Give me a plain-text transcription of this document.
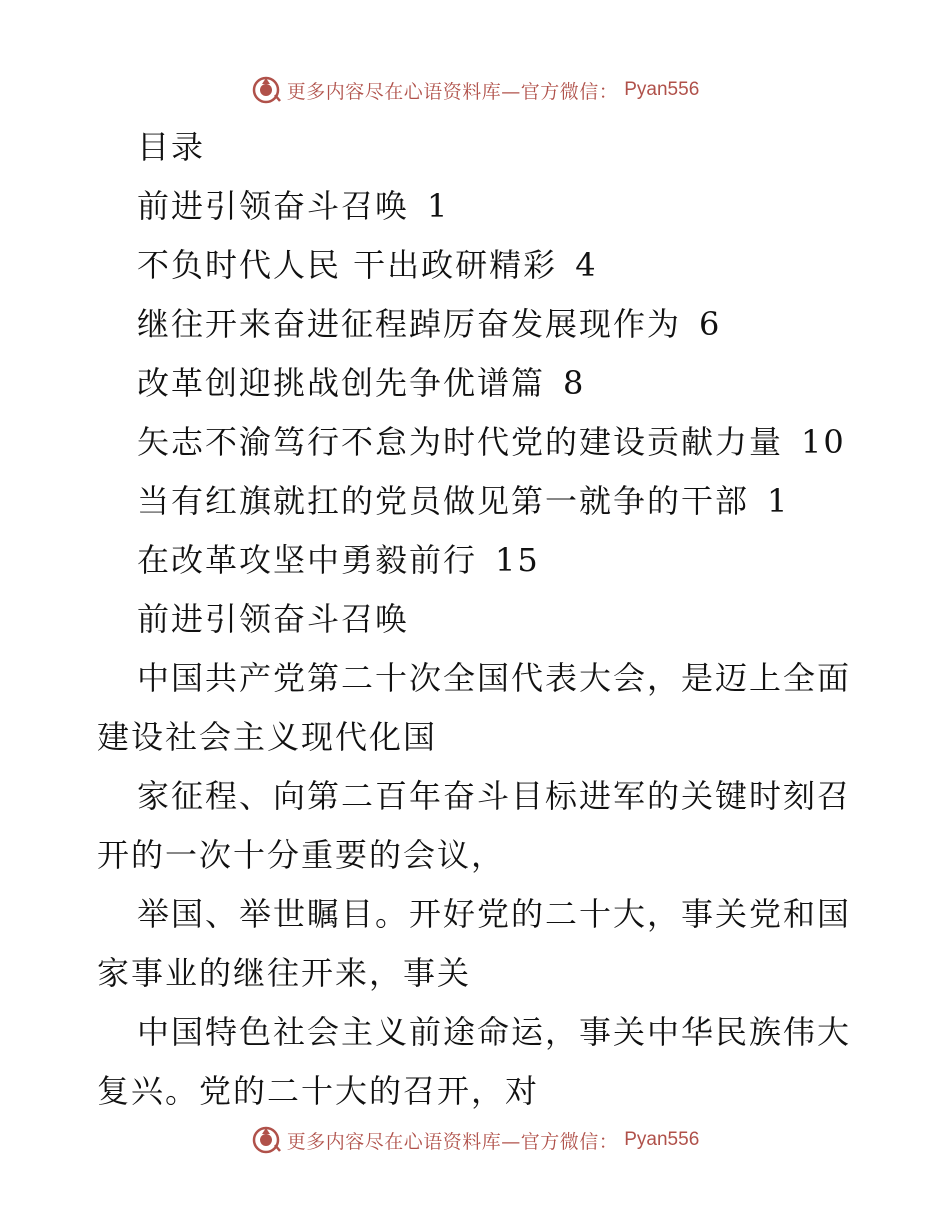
更多内容尽在心语资料库—官方微信： Pyan556
目录
前进引领奋斗召唤 1
不负时代人民 干出政研精彩 4
继往开来奋进征程踔厉奋发展现作为 6
改革创迎挑战创先争优谱篇 8
矢志不渝笃行不怠为时代党的建设贡献力量 10
当有红旗就扛的党员做见第一就争的干部 1
在改革攻坚中勇毅前行 15
前进引领奋斗召唤
中国共产党第二十次全国代表大会，是迈上全面
建设社会主义现代化国
家征程、向第二百年奋斗目标进军的关键时刻召
开的一次十分重要的会议，
举国、举世瞩目。开好党的二十大，事关党和国
家事业的继往开来，事关
中国特色社会主义前途命运，事关中华民族伟大
复兴。党的二十大的召开，对
更多内容尽在心语资料库—官方微信： Pyan556
